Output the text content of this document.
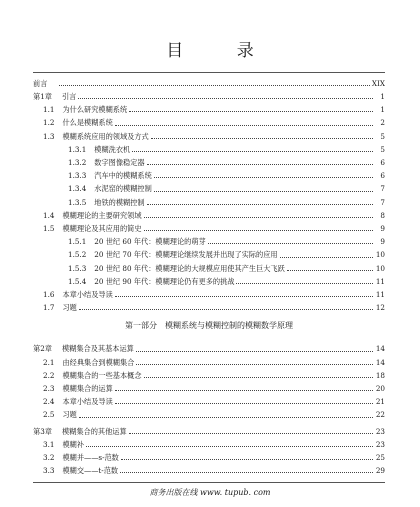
目 录
前言	XIX
第1章 引言	1
1.1 为什么研究模糊系统	1
1.2 什么是模糊系统	2
1.3 模糊系统应用的领域及方式	5
1.3.1 模糊洗衣机	5
1.3.2 数字图像稳定器	6
1.3.3 汽车中的模糊系统	6
1.3.4 水泥窑的模糊控制	7
1.3.5 地铁的模糊控制	7
1.4 模糊理论的主要研究领域	8
1.5 模糊理论及其应用的简史	9
1.5.1 20 世纪 60 年代：模糊理论的萌芽	9
1.5.2 20 世纪 70 年代：模糊理论继续发展并出现了实际的应用	10
1.5.3 20 世纪 80 年代：模糊理论的大规模应用使其产生巨大飞跃	10
1.5.4 20 世纪 90 年代：模糊理论仍有更多的挑战	11
1.6 本章小结及导读	11
1.7 习题	12
第一部分　模糊系统与模糊控制的模糊数学原理
第2章 模糊集合及其基本运算	14
2.1 由经典集合到模糊集合	14
2.2 模糊集合的一些基本概念	18
2.3 模糊集合的运算	20
2.4 本章小结及导读	21
2.5 习题	22
第3章 模糊集合的其他运算	23
3.1 模糊补	23
3.2 模糊并——s-范数	25
3.3 模糊交——t-范数	29
商务出版在线 www. tupub. com
